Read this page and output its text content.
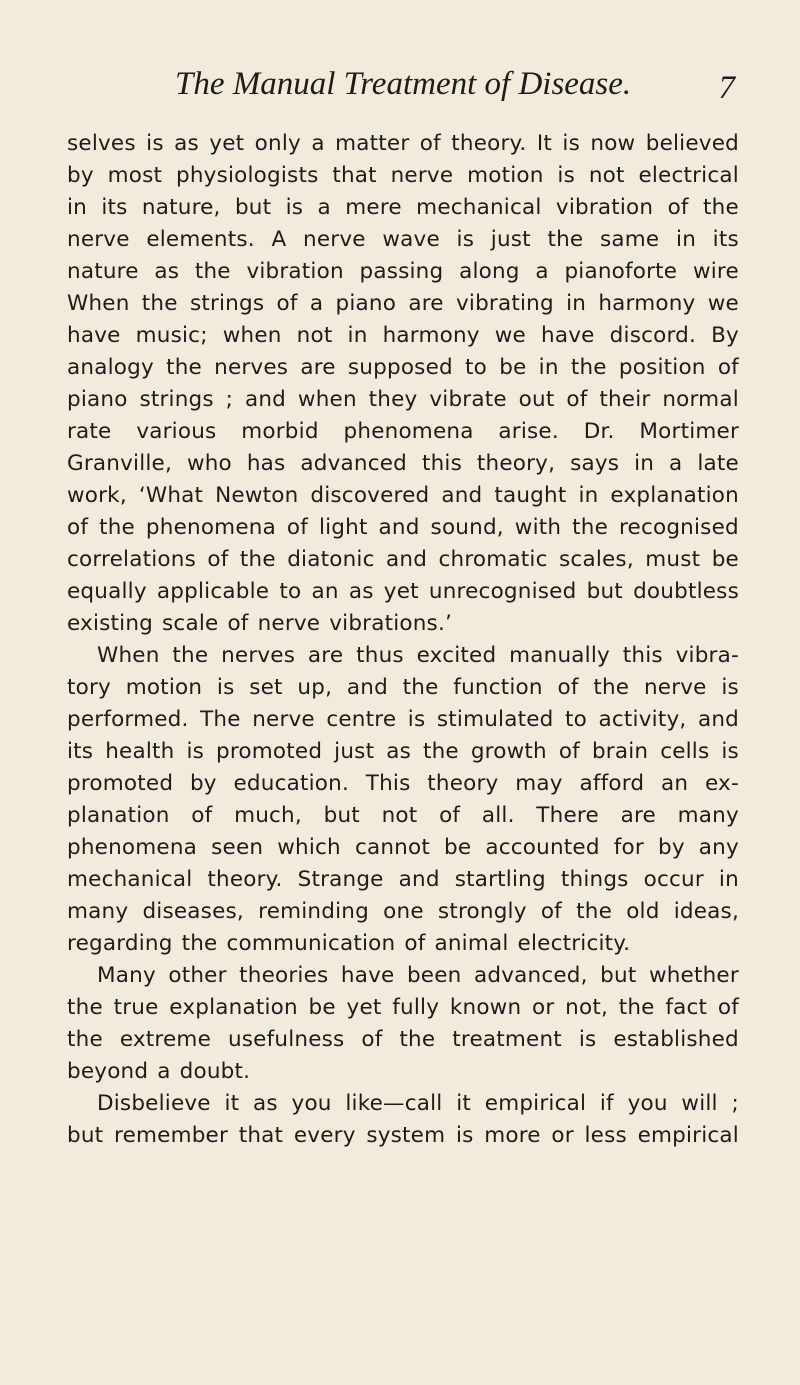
The Manual Treatment of Disease.	7
selves is as yet only a matter of theory. It is now believed
by most physiologists that nerve motion is not electrical
in its nature, but is a mere mechanical vibration of the
nerve elements. A nerve wave is just the same in its
nature as the vibration passing along a pianoforte wire
When the strings of a piano are vibrating in harmony we
have music; when not in harmony we have discord. By
analogy the nerves are supposed to be in the position of
piano strings ; and when they vibrate out of their normal
rate various morbid phenomena arise. Dr. Mortimer
Granville, who has advanced this theory, says in a late
work, ‘What Newton discovered and taught in explanation
of the phenomena of light and sound, with the recognised
correlations of the diatonic and chromatic scales, must be
equally applicable to an as yet unrecognised but doubtless
existing scale of nerve vibrations.’
When the nerves are thus excited manually this vibra-
tory motion is set up, and the function of the nerve is
performed. The nerve centre is stimulated to activity, and
its health is promoted just as the growth of brain cells is
promoted by education. This theory may afford an ex-
planation of much, but not of all. There are many
phenomena seen which cannot be accounted for by any
mechanical theory. Strange and startling things occur in
many diseases, reminding one strongly of the old ideas,
regarding the communication of animal electricity.
Many other theories have been advanced, but whether
the true explanation be yet fully known or not, the fact of
the extreme usefulness of the treatment is established
beyond a doubt.
Disbelieve it as you like—call it empirical if you will ;
but remember that every system is more or less empirical
